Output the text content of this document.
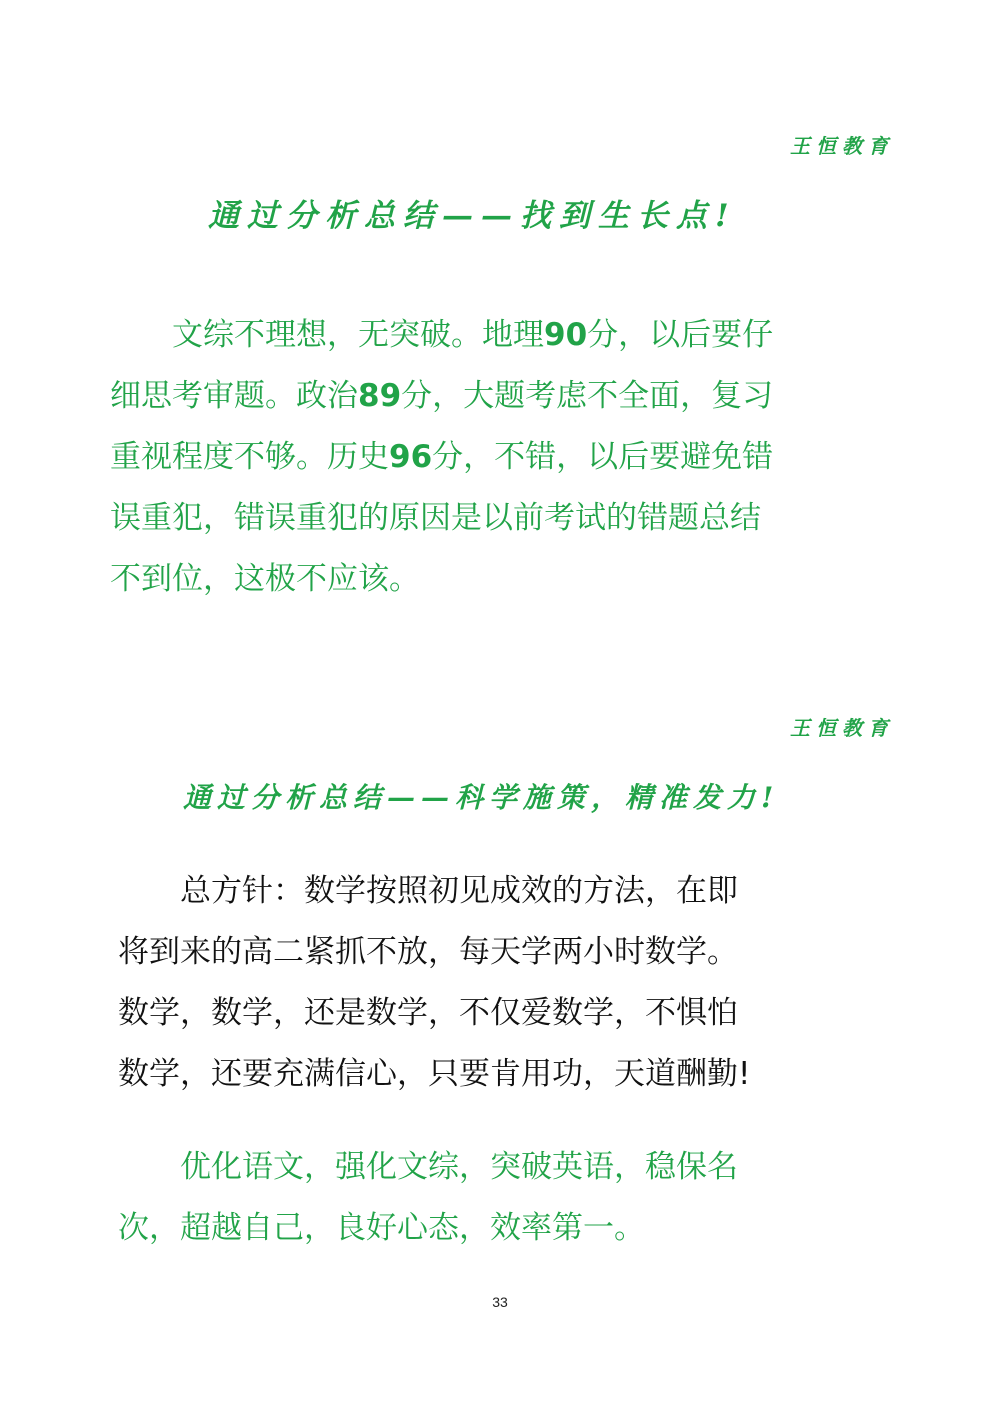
王恒教育
通过分析总结——找到生长点!
　　文综不理想，无突破。地理90分，以后要仔
细思考审题。政治89分，大题考虑不全面，复习
重视程度不够。历史96分，不错，以后要避免错
误重犯，错误重犯的原因是以前考试的错题总结
不到位，这极不应该。
王恒教育
通过分析总结——科学施策，精准发力!
　　总方针：数学按照初见成效的方法，在即
将到来的高二紧抓不放，每天学两小时数学。
数学，数学，还是数学，不仅爱数学，不惧怕
数学，还要充满信心，只要肯用功，天道酬勤!
　　优化语文，强化文综，突破英语，稳保名
次，超越自己，良好心态，效率第一。
33
